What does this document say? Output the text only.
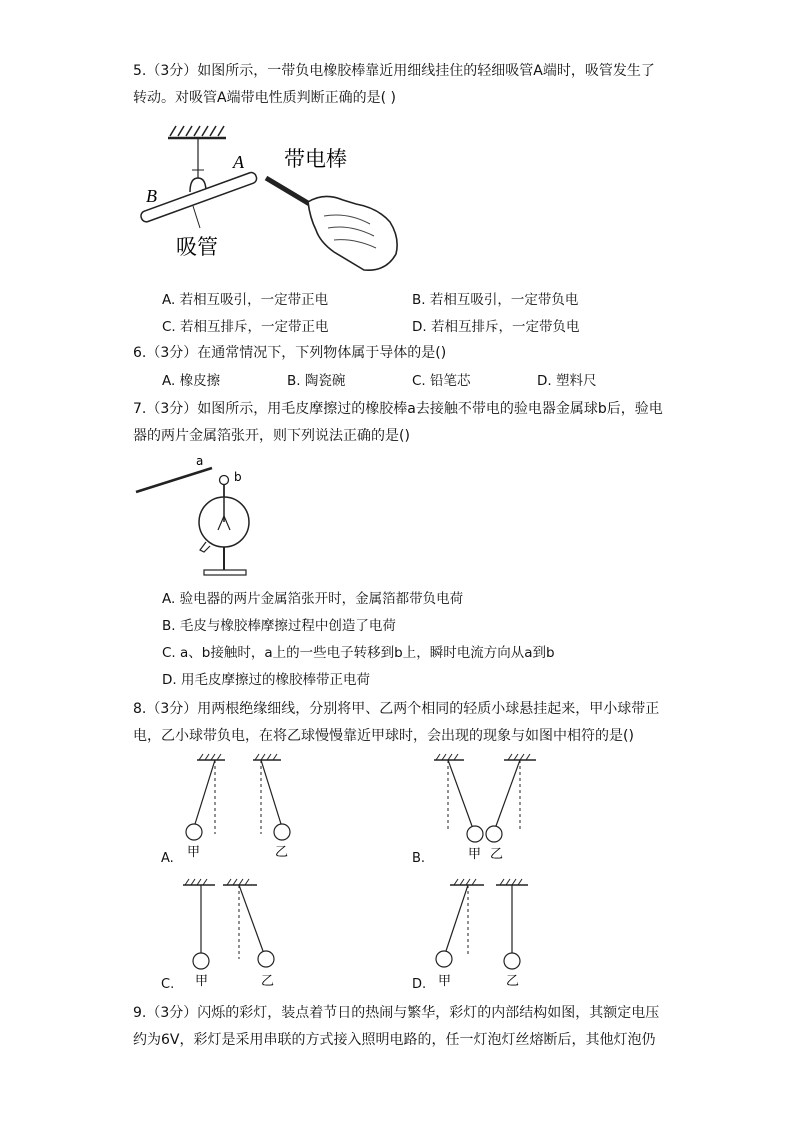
5.（3分）如图所示，一带负电橡胶棒靠近用细线挂住的轻细吸管A端时，吸管发生了
转动。对吸管A端带电性质判断正确的是( )
B
A
吸管
带电棒
A. 若相互吸引，一定带正电	B. 若相互吸引，一定带负电
C. 若相互排斥，一定带正电	D. 若相互排斥，一定带负电
6.（3分）在通常情况下，下列物体属于导体的是()
A. 橡皮擦	B. 陶瓷碗	C. 铅笔芯	D. 塑料尺
7.（3分）如图所示，用毛皮摩擦过的橡胶棒a去接触不带电的验电器金属球b后，验电
器的两片金属箔张开，则下列说法正确的是()
a
b
A. 验电器的两片金属箔张开时，金属箔都带负电荷
B. 毛皮与橡胶棒摩擦过程中创造了电荷
C. a、b接触时，a上的一些电子转移到b上，瞬时电流方向从a到b
D. 用毛皮摩擦过的橡胶棒带正电荷
8.（3分）用两根绝缘细线，分别将甲、乙两个相同的轻质小球悬挂起来，甲小球带正
电，乙小球带负电，在将乙球慢慢靠近甲球时，会出现的现象与如图中相符的是()
甲	乙
A.	甲 乙
B.
甲	乙
C.	甲	乙
D.
9.（3分）闪烁的彩灯，装点着节日的热闹与繁华，彩灯的内部结构如图，其额定电压
约为6V，彩灯是采用串联的方式接入照明电路的，任一灯泡灯丝熔断后，其他灯泡仍
